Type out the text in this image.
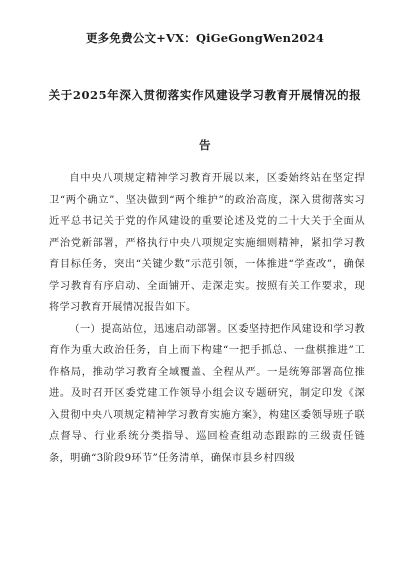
更多免费公文+VX：QiGeGongWen2024
关于2025年深入贯彻落实作风建设学习教育开展情况的报
告

自中央八项规定精神学习教育开展以来，区委始终站在坚定捍卫“两个确立”、坚决做到“两个维护”的政治高度，深入贯彻落实习近平总书记关于党的作风建设的重要论述及党的二十大关于全面从严治党新部署，严格执行中央八项规定实施细则精神，紧扣学习教育目标任务，突出“关键少数”示范引领，一体推进“学查改”，确保学习教育有序启动、全面铺开、走深走实。按照有关工作要求，现将学习教育开展情况报告如下。

（一）提高站位，迅速启动部署。区委坚持把作风建设和学习教育作为重大政治任务，自上而下构建“一把手抓总、一盘棋推进”工作格局，推动学习教育全域覆盖、全程从严。一是统筹部署高位推进。及时召开区委党建工作领导小组会议专题研究，制定印发《深入贯彻中央八项规定精神学习教育实施方案》，构建区委领导班子联点督导、行业系统分类指导、巡回检查组动态跟踪的三级责任链条，明确“3阶段9环节”任务清单，确保市县乡村四级
